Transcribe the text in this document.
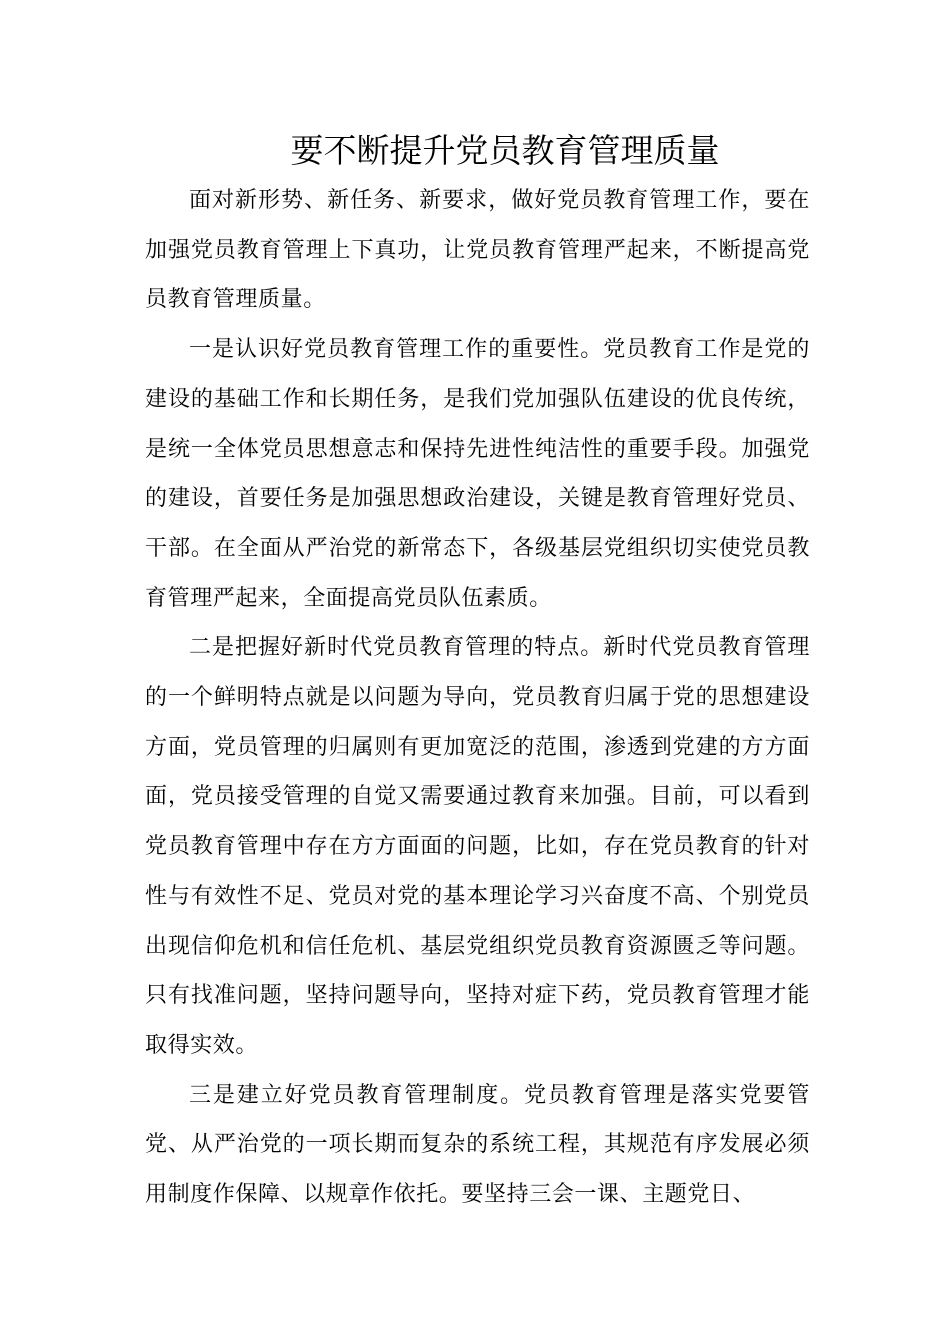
要不断提升党员教育管理质量

面对新形势、新任务、新要求，做好党员教育管理工作，要在加强党员教育管理上下真功，让党员教育管理严起来，不断提高党员教育管理质量。

一是认识好党员教育管理工作的重要性。党员教育工作是党的建设的基础工作和长期任务，是我们党加强队伍建设的优良传统，是统一全体党员思想意志和保持先进性纯洁性的重要手段。加强党的建设，首要任务是加强思想政治建设，关键是教育管理好党员、干部。在全面从严治党的新常态下，各级基层党组织切实使党员教育管理严起来，全面提高党员队伍素质。

二是把握好新时代党员教育管理的特点。新时代党员教育管理的一个鲜明特点就是以问题为导向，党员教育归属于党的思想建设方面，党员管理的归属则有更加宽泛的范围，渗透到党建的方方面面，党员接受管理的自觉又需要通过教育来加强。目前，可以看到党员教育管理中存在方方面面的问题，比如，存在党员教育的针对性与有效性不足、党员对党的基本理论学习兴奋度不高、个别党员出现信仰危机和信任危机、基层党组织党员教育资源匮乏等问题。只有找准问题，坚持问题导向，坚持对症下药，党员教育管理才能取得实效。

三是建立好党员教育管理制度。党员教育管理是落实党要管党、从严治党的一项长期而复杂的系统工程，其规范有序发展必须用制度作保障、以规章作依托。要坚持三会一课、主题党日、
